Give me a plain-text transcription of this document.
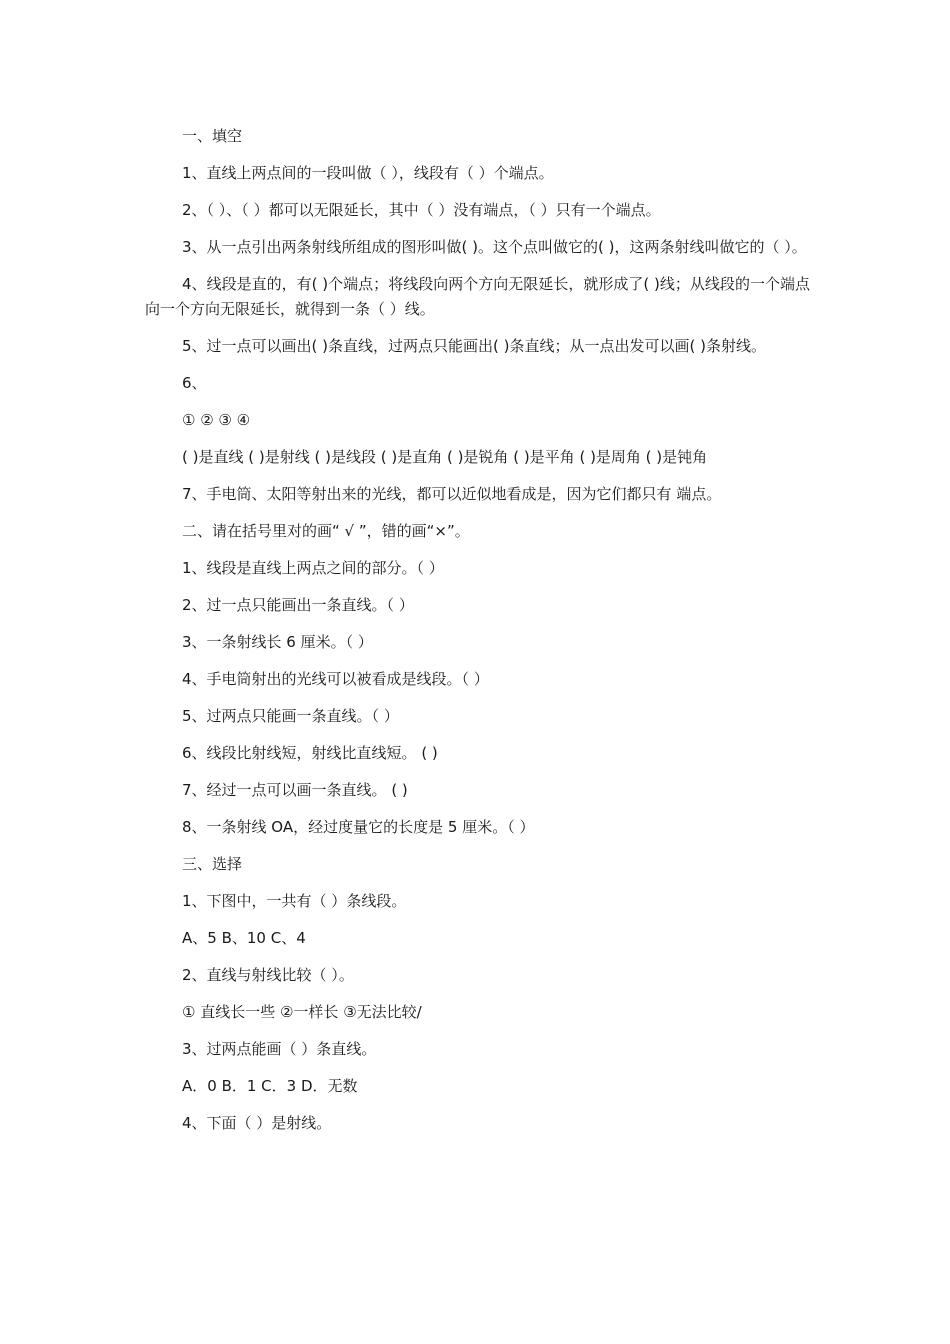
一、填空

1、直线上两点间的一段叫做（ ），线段有（ ）个端点。

2、（ ）、（ ）都可以无限延长，其中（ ）没有端点，（ ）只有一个端点。

3、从一点引出两条射线所组成的图形叫做( )。这个点叫做它的( )，这两条射线叫做它的（ ）。

4、线段是直的，有( )个端点；将线段向两个方向无限延长，就形成了( )线；从线段的一个端点向一个方向无限延长，就得到一条（ ）线。

5、过一点可以画出( )条直线，过两点只能画出( )条直线；从一点出发可以画( )条射线。

6、

① ② ③ ④

( )是直线 ( )是射线 ( )是线段 ( )是直角 ( )是锐角 ( )是平角 ( )是周角 ( )是钝角

7、手电筒、太阳等射出来的光线，都可以近似地看成是，因为它们都只有 端点。

二、请在括号里对的画“ √ ”，错的画“×”。

1、线段是直线上两点之间的部分。（ ）

2、过一点只能画出一条直线。（ ）

3、一条射线长 6 厘米。（ ）

4、手电筒射出的光线可以被看成是线段。（ ）

5、过两点只能画一条直线。（ ）

6、线段比射线短，射线比直线短。 ( )

7、经过一点可以画一条直线。 ( )

8、一条射线 OA，经过度量它的长度是 5 厘米。（ ）

三、选择

1、下图中，一共有（ ）条线段。

A、5 B、10 C、4

2、直线与射线比较（ ）。

① 直线长一些 ②一样长 ③无法比较/

3、过两点能画（ ）条直线。

A．0 B．1 C．3 D．无数

4、下面（ ）是射线。
